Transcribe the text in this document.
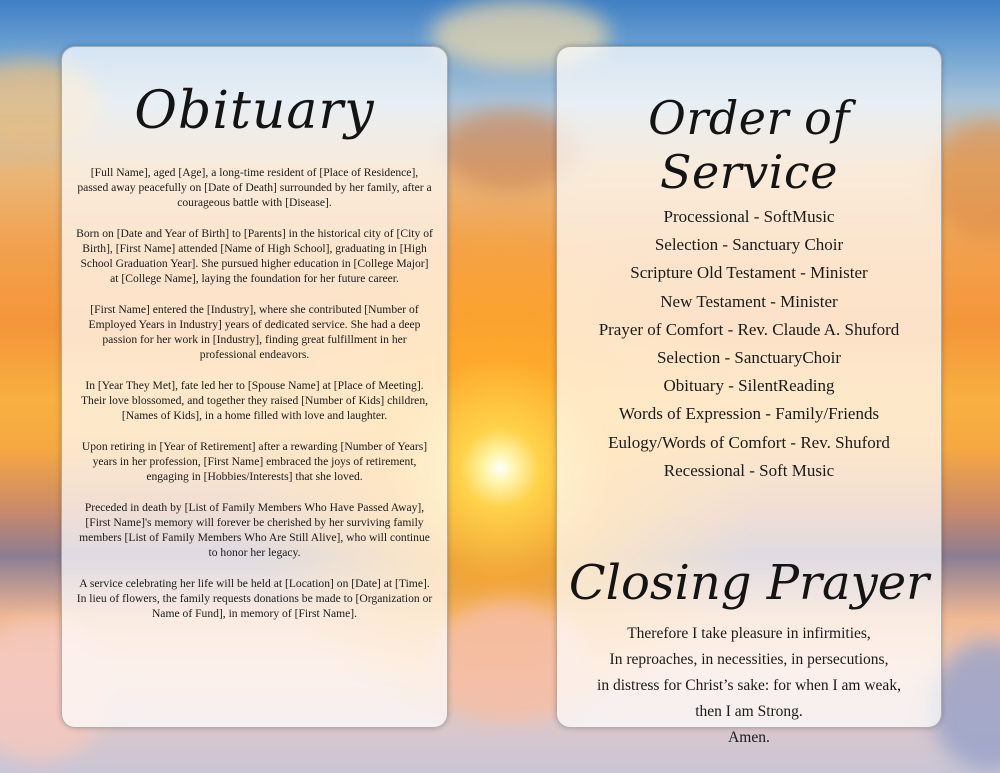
Obituary

[Full Name], aged [Age], a long-time resident of [Place of Residence], passed away peacefully on [Date of Death] surrounded by her family, after a courageous battle with [Disease].

Born on [Date and Year of Birth] to [Parents] in the historical city of [City of Birth], [First Name] attended [Name of High School], graduating in [High School Graduation Year]. She pursued higher education in [College Major] at [College Name], laying the foundation for her future career.

[First Name] entered the [Industry], where she contributed [Number of Employed Years in Industry] years of dedicated service. She had a deep passion for her work in [Industry], finding great fulfillment in her professional endeavors.

In [Year They Met], fate led her to [Spouse Name] at [Place of Meeting]. Their love blossomed, and together they raised [Number of Kids] children, [Names of Kids], in a home filled with love and laughter.

Upon retiring in [Year of Retirement] after a rewarding [Number of Years] years in her profession, [First Name] embraced the joys of retirement, engaging in [Hobbies/Interests] that she loved.

Preceded in death by [List of Family Members Who Have Passed Away], [First Name]'s memory will forever be cherished by her surviving family members [List of Family Members Who Are Still Alive], who will continue to honor her legacy.

A service celebrating her life will be held at [Location] on [Date] at [Time]. In lieu of flowers, the family requests donations be made to [Organization or Name of Fund], in memory of [First Name].

Order of Service
Processional - SoftMusic
Selection - Sanctuary Choir
Scripture Old Testament - Minister
New Testament - Minister
Prayer of Comfort - Rev. Claude A. Shuford
Selection - SanctuaryChoir
Obituary - SilentReading
Words of Expression - Family/Friends
Eulogy/Words of Comfort - Rev. Shuford
Recessional - Soft Music
Closing Prayer
Therefore I take pleasure in infirmities,
In reproaches, in necessities, in persecutions,
in distress for Christ’s sake: for when I am weak,
then I am Strong.
Amen.
